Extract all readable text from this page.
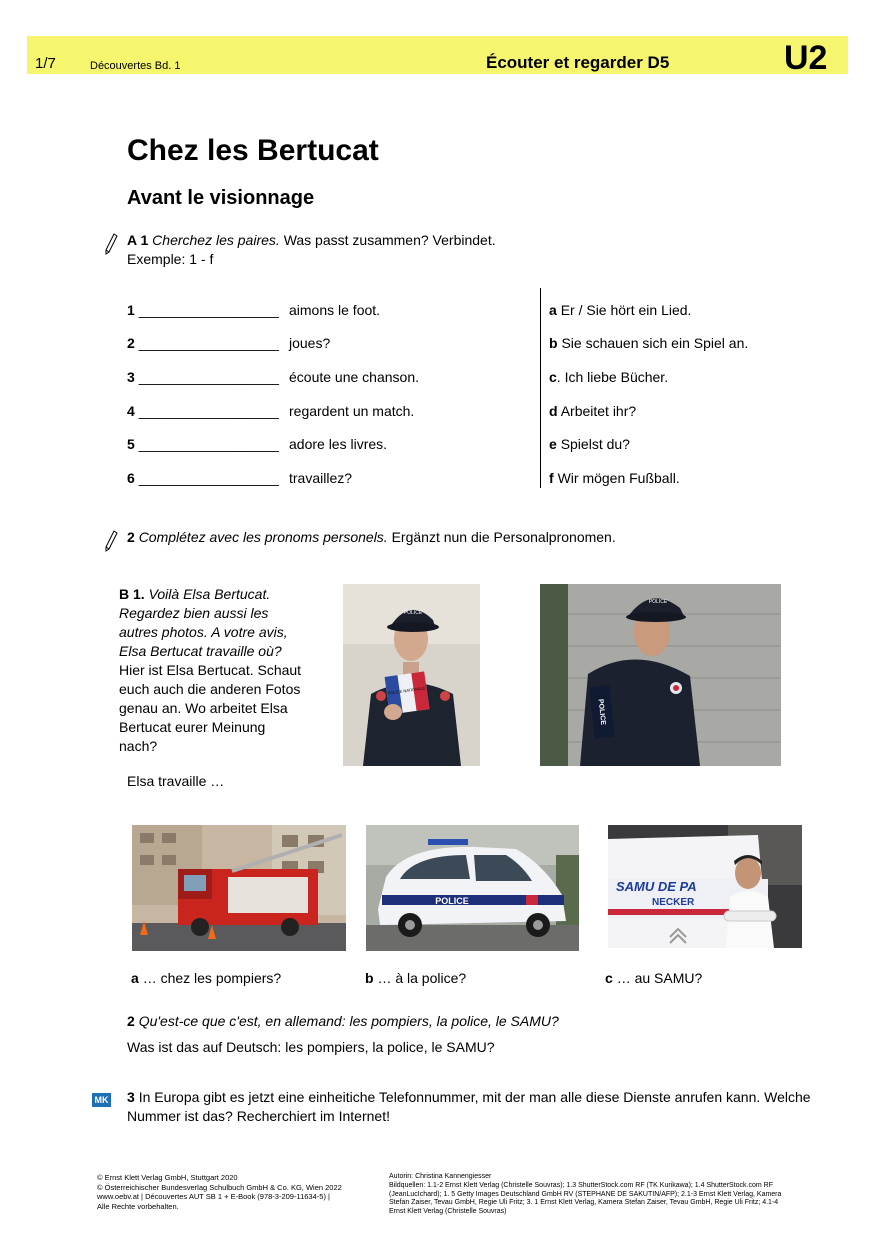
1/7	Découvertes Bd. 1	Écouter et regarder D5	U2
Chez les Bertucat
Avant le visionnage
A 1 Cherchez les paires. Was passt zusammen? Verbindet.
Exemple: 1 - f
1 __________________ aimons le foot.
2 __________________ joues?
3 __________________ écoute une chanson.
4 __________________ regardent un match.
5 __________________ adore les livres.
6 __________________ travaillez?
a Er / Sie hört ein Lied.
b Sie schauen sich ein Spiel an.
c. Ich liebe Bücher.
d Arbeitet ihr?
e Spielst du?
f Wir mögen Fußball.
2 Complétez avec les pronoms personels. Ergänzt nun die Personalpronomen.
B 1. Voilà Elsa Bertucat.
Regardez bien aussi les
autres photos. A votre avis,
Elsa Bertucat travaille où?
Hier ist Elsa Bertucat. Schaut
euch auch die anderen Fotos
genau an. Wo arbeitet Elsa
Bertucat eurer Meinung
nach?
Elsa travaille …
POLICE
POLICE NATIONALE
POLICE
POLICE
POLICE
SAMU DE PA
NECKER
a … chez les pompiers?	b … à la police?	c … au SAMU?
2 Qu'est-ce que c'est, en allemand: les pompiers, la police, le SAMU?
Was ist das auf Deutsch: les pompiers, la police, le SAMU?
MK 3 In Europa gibt es jetzt eine einheitiche Telefonnummer, mit der man alle diese Dienste anrufen kann. Welche
Nummer ist das? Recherchiert im Internet!
© Ernst Klett Verlag GmbH, Stuttgart 2020
© Österreichischer Bundesverlag Schulbuch GmbH & Co. KG, Wien 2022
www.oebv.at | Découvertes AUT SB 1 + E-Book (978-3-209-11634-5) |
Alle Rechte vorbehalten.
Autorin: Christina Kannengiesser
Bildquellen: 1.1-2 Ernst Klett Verlag (Christelle Souvras); 1.3 ShutterStock.com RF (TK Kurikawa); 1.4 ShutterStock.com RF
(JeanLucIchard); 1. 5 Getty Images Deutschland GmbH RV (STEPHANE DE SAKUTIN/AFP); 2.1-3 Ernst Klett Verlag, Kamera
Stefan Zaiser, Tevau GmbH, Regie Uli Fritz; 3. 1 Ernst Klett Verlag, Kamera Stefan Zaiser, Tevau GmbH, Regie Uli Fritz; 4.1-4
Ernst Klett Verlag (Christelle Souvras)
